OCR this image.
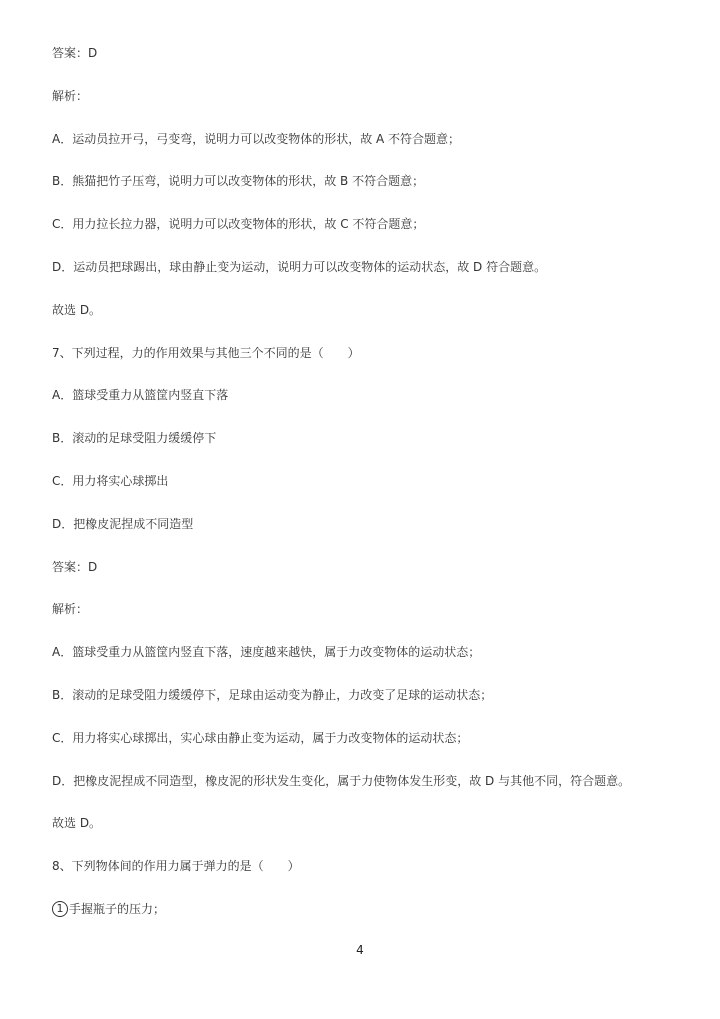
答案：D
解析：
A．运动员拉开弓，弓变弯，说明力可以改变物体的形状，故 A 不符合题意；
B．熊猫把竹子压弯，说明力可以改变物体的形状，故 B 不符合题意；
C．用力拉长拉力器，说明力可以改变物体的形状，故 C 不符合题意；
D．运动员把球踢出，球由静止变为运动，说明力可以改变物体的运动状态，故 D 符合题意。
故选 D。
7、下列过程，力的作用效果与其他三个不同的是（　　）
A．篮球受重力从篮筐内竖直下落
B．滚动的足球受阻力缓缓停下
C．用力将实心球掷出
D．把橡皮泥捏成不同造型
答案：D
解析：
A．篮球受重力从篮筐内竖直下落，速度越来越快，属于力改变物体的运动状态；
B．滚动的足球受阻力缓缓停下，足球由运动变为静止，力改变了足球的运动状态；
C．用力将实心球掷出，实心球由静止变为运动，属于力改变物体的运动状态；
D．把橡皮泥捏成不同造型，橡皮泥的形状发生变化，属于力使物体发生形变，故 D 与其他不同，符合题意。
故选 D。
8、下列物体间的作用力属于弹力的是（　　）
1 手握瓶子的压力；
4
